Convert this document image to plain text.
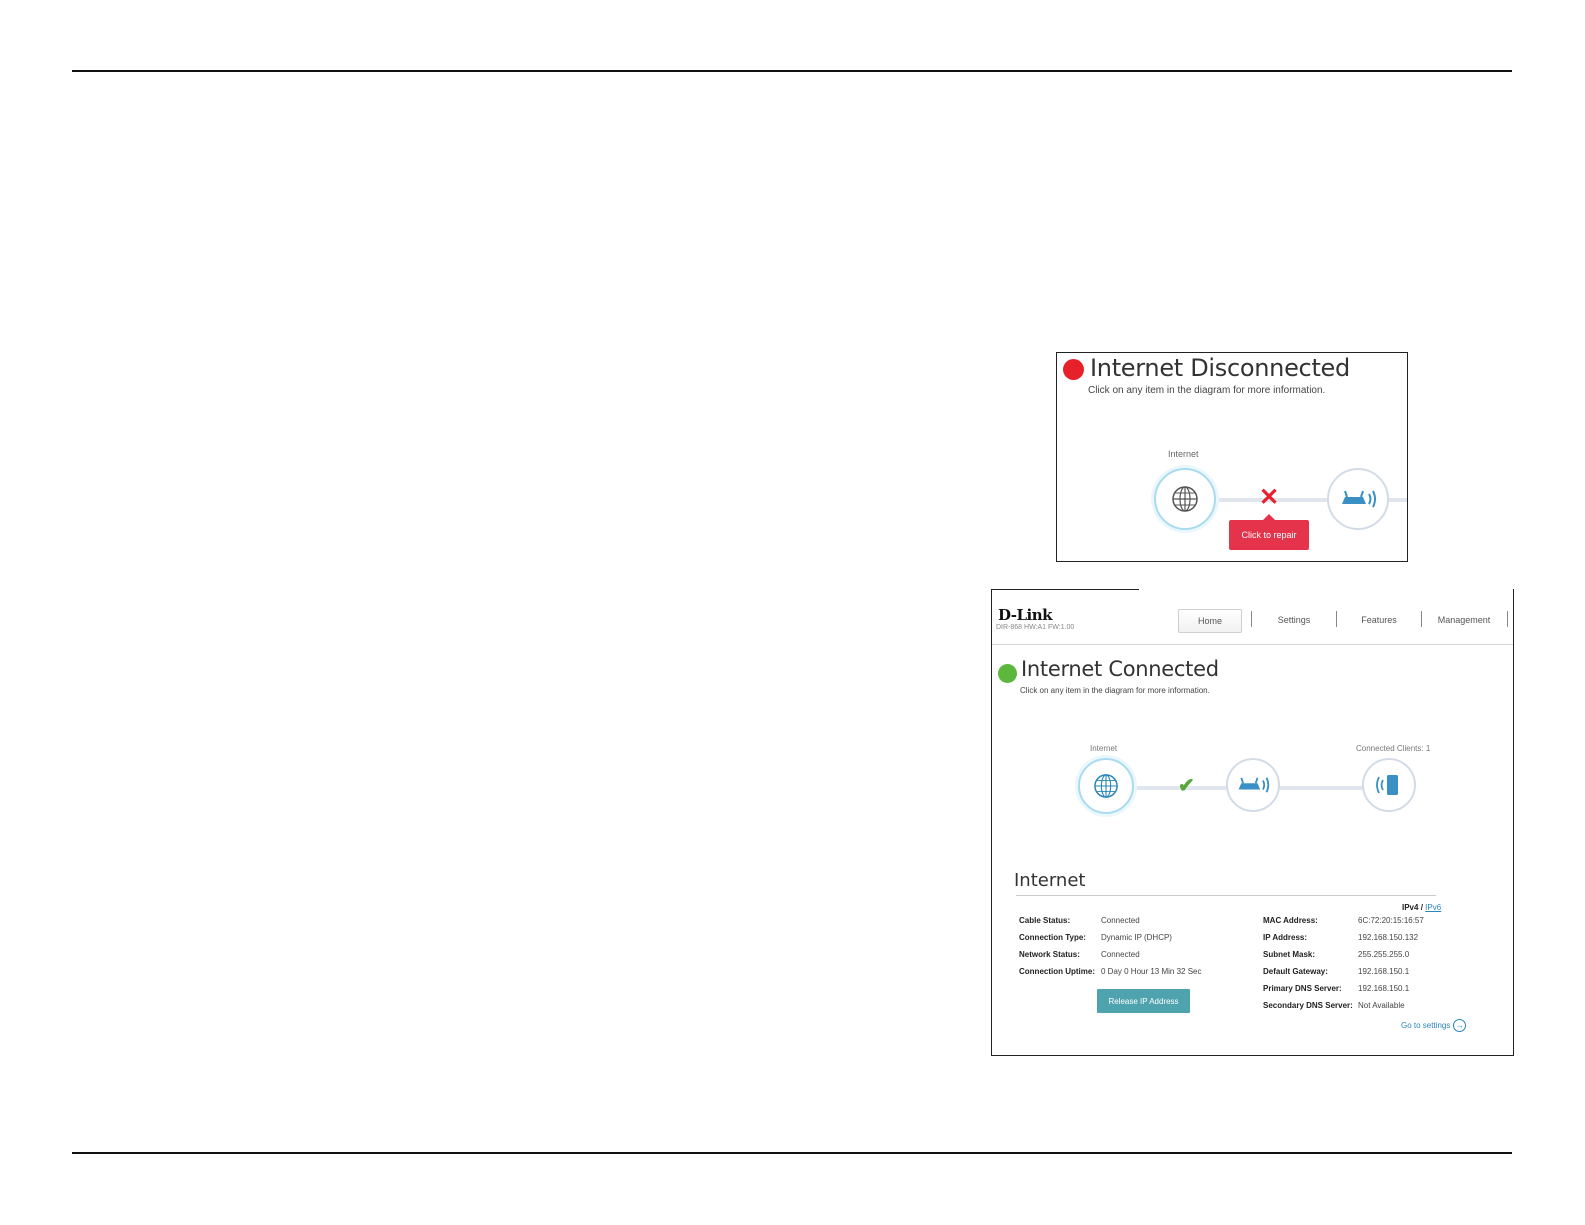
Internet Disconnected
Click on any item in the diagram for more information.
Internet
✕
Click to repair
D-Link
DIR-868 HW:A1 FW:1.00
Home	Settings	Features	Management
Internet Connected
Click on any item in the diagram for more information.
Internet	Connected Clients: 1
✔
Internet
IPv4 / IPv6
Cable Status:	Connected
Connection Type: Dynamic IP (DHCP)
Network Status:	Connected
Connection Uptime: 0 Day 0 Hour 13 Min 32 Sec
Release IP Address
MAC Address:	6C:72:20:15:16:57
IP Address:	192.168.150.132
Subnet Mask:	255.255.255.0
Default Gateway:	192.168.150.1
Primary DNS Server: 192.168.150.1
Secondary DNS Server: Not Available
Go to settings →
